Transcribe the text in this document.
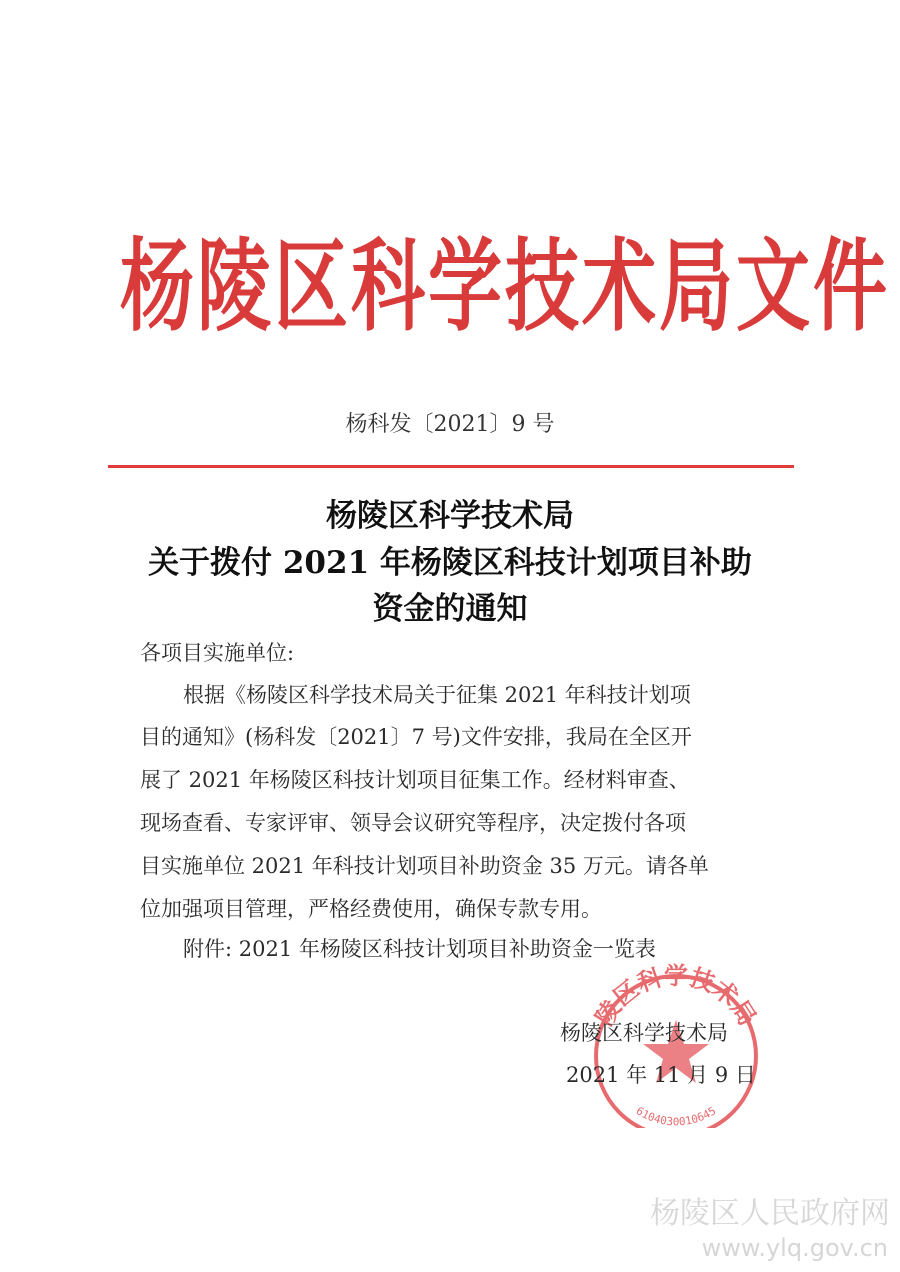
杨陵区科学技术局文件
杨科发〔2021〕9 号
杨陵区科学技术局
关于拨付 2021 年杨陵区科技计划项目补助
资金的通知
各项目实施单位:
根据《杨陵区科学技术局关于征集 2021 年科技计划项
目的通知》(杨科发〔2021〕7 号)文件安排，我局在全区开
展了 2021 年杨陵区科技计划项目征集工作。经材料审查、
现场查看、专家评审、领导会议研究等程序，决定拨付各项
目实施单位 2021 年科技计划项目补助资金 35 万元。请各单
位加强项目管理，严格经费使用，确保专款专用。
附件: 2021 年杨陵区科技计划项目补助资金一览表
陵区科学技术局
6104030010645
杨陵区科学技术局
2021 年 11 月 9 日
杨陵区人民政府网
www.ylq.gov.cn
